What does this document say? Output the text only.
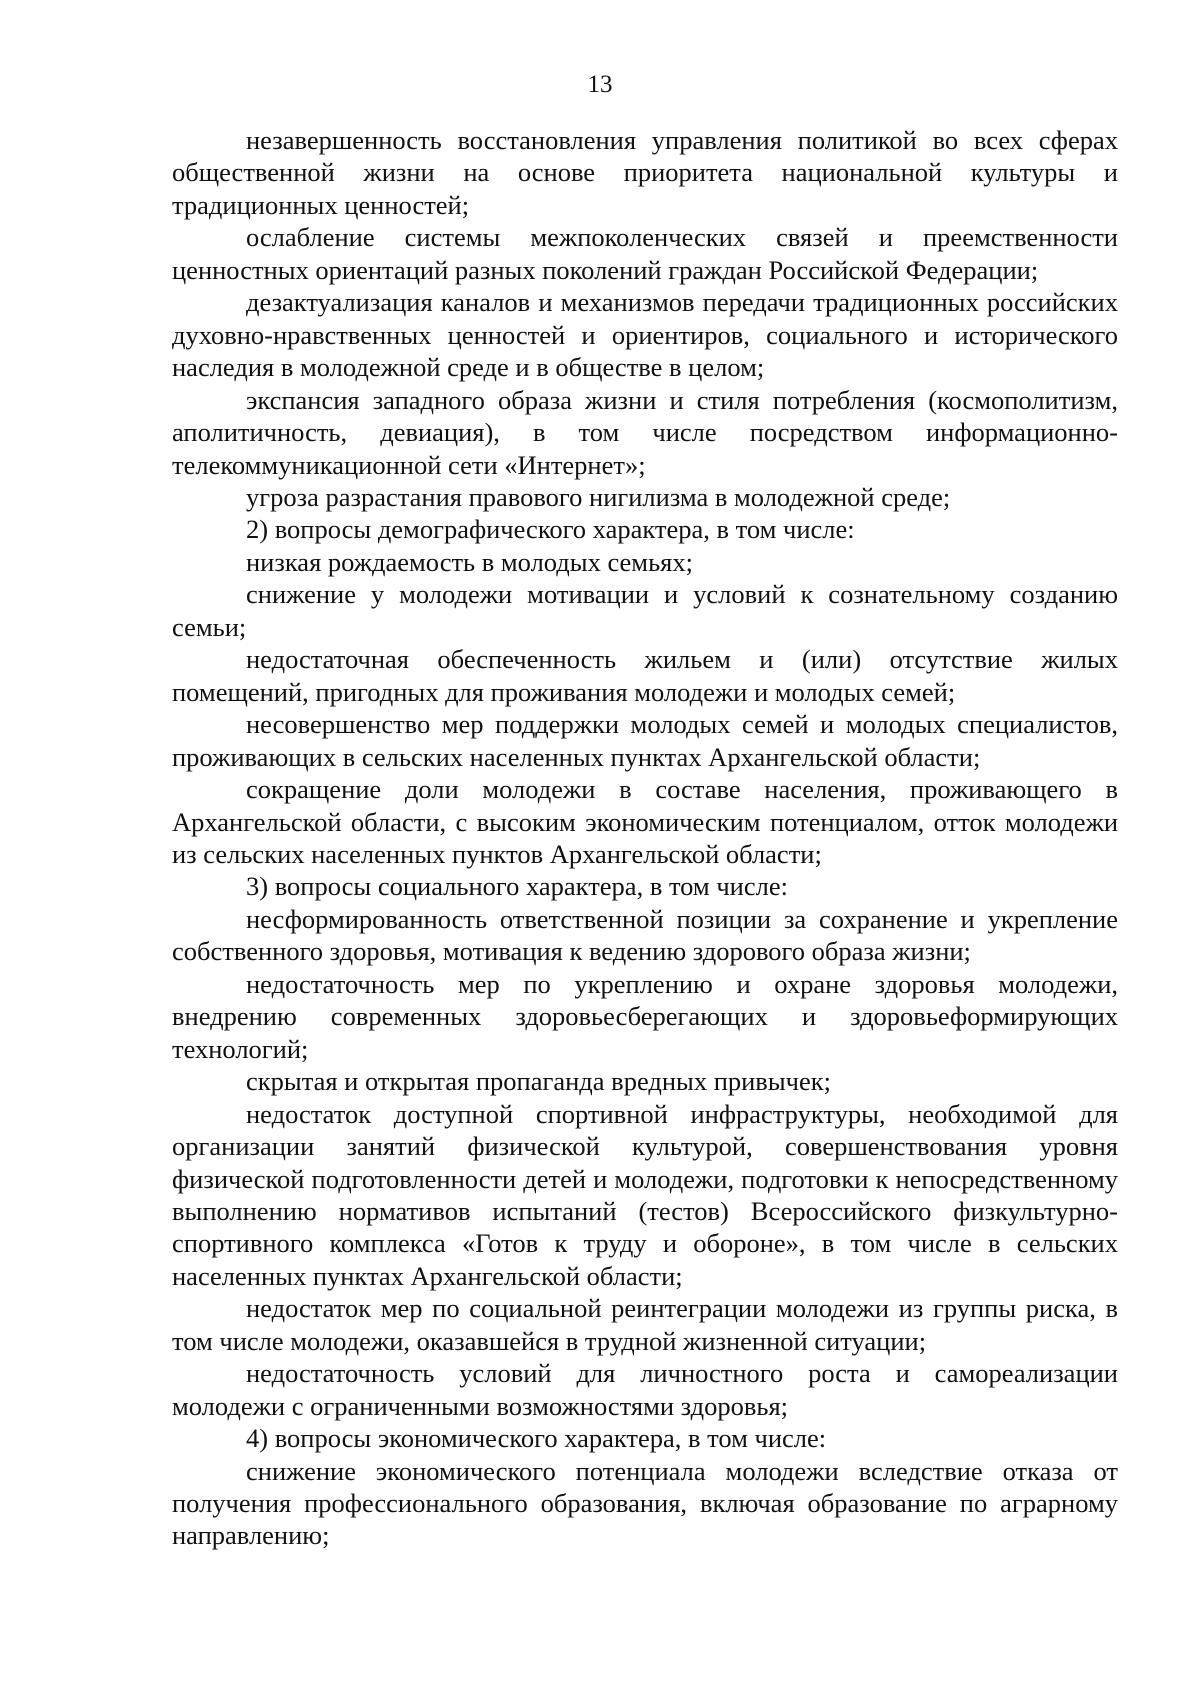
13

незавершенность восстановления управления политикой во всех сферах общественной жизни на основе приоритета национальной культуры и традиционных ценностей;

ослабление системы межпоколенческих связей и преемственности ценностных ориентаций разных поколений граждан Российской Федерации;

дезактуализация каналов и механизмов передачи традиционных российских духовно-нравственных ценностей и ориентиров, социального и исторического наследия в молодежной среде и в обществе в целом;

экспансия западного образа жизни и стиля потребления (космополитизм, аполитичность, девиация), в том числе посредством информационно-телекоммуникационной сети «Интернет»;

угроза разрастания правового нигилизма в молодежной среде;

2) вопросы демографического характера, в том числе:

низкая рождаемость в молодых семьях;

снижение у молодежи мотивации и условий к сознательному созданию семьи;

недостаточная обеспеченность жильем и (или) отсутствие жилых помещений, пригодных для проживания молодежи и молодых семей;

несовершенство мер поддержки молодых семей и молодых специалистов, проживающих в сельских населенных пунктах Архангельской области;

сокращение доли молодежи в составе населения, проживающего в Архангельской области, с высоким экономическим потенциалом, отток молодежи из сельских населенных пунктов Архангельской области;

3) вопросы социального характера, в том числе:

несформированность ответственной позиции за сохранение и укрепление собственного здоровья, мотивация к ведению здорового образа жизни;

недостаточность мер по укреплению и охране здоровья молодежи, внедрению современных здоровьесберегающих и здоровьеформирующих технологий;

скрытая и открытая пропаганда вредных привычек;

недостаток доступной спортивной инфраструктуры, необходимой для организации занятий физической культурой, совершенствования уровня физической подготовленности детей и молодежи, подготовки к непосредственному выполнению нормативов испытаний (тестов) Всероссийского физкультурно-спортивного комплекса «Готов к труду и обороне», в том числе в сельских населенных пунктах Архангельской области;

недостаток мер по социальной реинтеграции молодежи из группы риска, в том числе молодежи, оказавшейся в трудной жизненной ситуации;

недостаточность условий для личностного роста и самореализации молодежи с ограниченными возможностями здоровья;

4) вопросы экономического характера, в том числе:

снижение экономического потенциала молодежи вследствие отказа от получения профессионального образования, включая образование по аграрному направлению;
